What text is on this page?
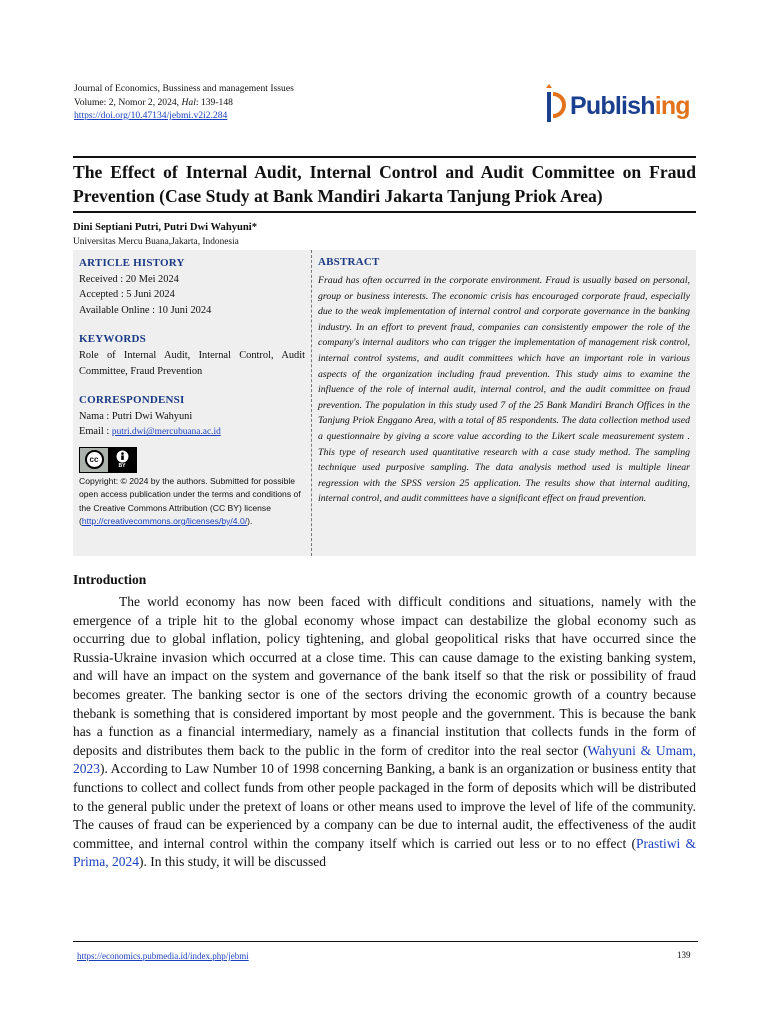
Journal of Economics, Bussiness and management Issues
Volume: 2, Nomor 2, 2024, Hal: 139-148
https://doi.org/10.47134/jebmi.v2i2.284	Publishing
The Effect of Internal Audit, Internal Control and Audit Committee on Fraud Prevention (Case Study at Bank Mandiri Jakarta Tanjung Priok Area)
Dini Septiani Putri, Putri Dwi Wahyuni*
Universitas Mercu Buana,Jakarta, Indonesia
ARTICLE HISTORY
Received : 20 Mei 2024
Accepted : 5 Juni 2024
Available Online : 10 Juni 2024
KEYWORDS
Role of Internal Audit, Internal Control, Audit Committee, Fraud Prevention
CORRESPONDENSI
Nama : Putri Dwi Wahyuni
Email : putri.dwi@mercubuana.ac.id
cc
BY
Copyright: © 2024 by the authors. Submitted for possible open access publication under the terms and conditions of the Creative Commons Attribution (CC BY) license (http://creativecommons.org/licenses/by/4.0/).
ABSTRACT
Fraud has often occurred in the corporate environment. Fraud is usually based on personal, group or business interests. The economic crisis has encouraged corporate fraud, especially due to the weak implementation of internal control and corporate governance in the banking industry. In an effort to prevent fraud, companies can consistently empower the role of the company's internal auditors who can trigger the implementation of management risk control, internal control systems, and audit committees which have an important role in various aspects of the organization including fraud prevention. This study aims to examine the influence of the role of internal audit, internal control, and the audit committee on fraud prevention. The population in this study used 7 of the 25 Bank Mandiri Branch Offices in the Tanjung Priok Enggano Area, with a total of 85 respondents. The data collection method used a questionnaire by giving a score value according to the Likert scale measurement system . This type of research used quantitative research with a case study method. The sampling technique used purposive sampling. The data analysis method used is multiple linear regression with the SPSS version 25 application. The results show that internal auditing, internal control, and audit committees have a significant effect on fraud prevention.
Introduction
The world economy has now been faced with difficult conditions and situations, namely with the emergence of a triple hit to the global economy whose impact can destabilize the global economy such as occurring due to global inflation, policy tightening, and global geopolitical risks that have occurred since the Russia-Ukraine invasion which occurred at a close time. This can cause damage to the existing banking system, and will have an impact on the system and governance of the bank itself so that the risk or possibility of fraud becomes greater. The banking sector is one of the sectors driving the economic growth of a country because thebank is something that is considered important by most people and the government. This is because the bank has a function as a financial intermediary, namely as a financial institution that collects funds in the form of deposits and distributes them back to the public in the form of creditor into the real sector (Wahyuni & Umam, 2023). According to Law Number 10 of 1998 concerning Banking, a bank is an organization or business entity that functions to collect and collect funds from other people packaged in the form of deposits which will be distributed to the general public under the pretext of loans or other means used to improve the level of life of the community. The causes of fraud can be experienced by a company can be due to internal audit, the effectiveness of the audit committee, and internal control within the company itself which is carried out less or to no effect (Prastiwi & Prima, 2024). In this study, it will be discussed
https://economics.pubmedia.id/index.php/jebmi	139
